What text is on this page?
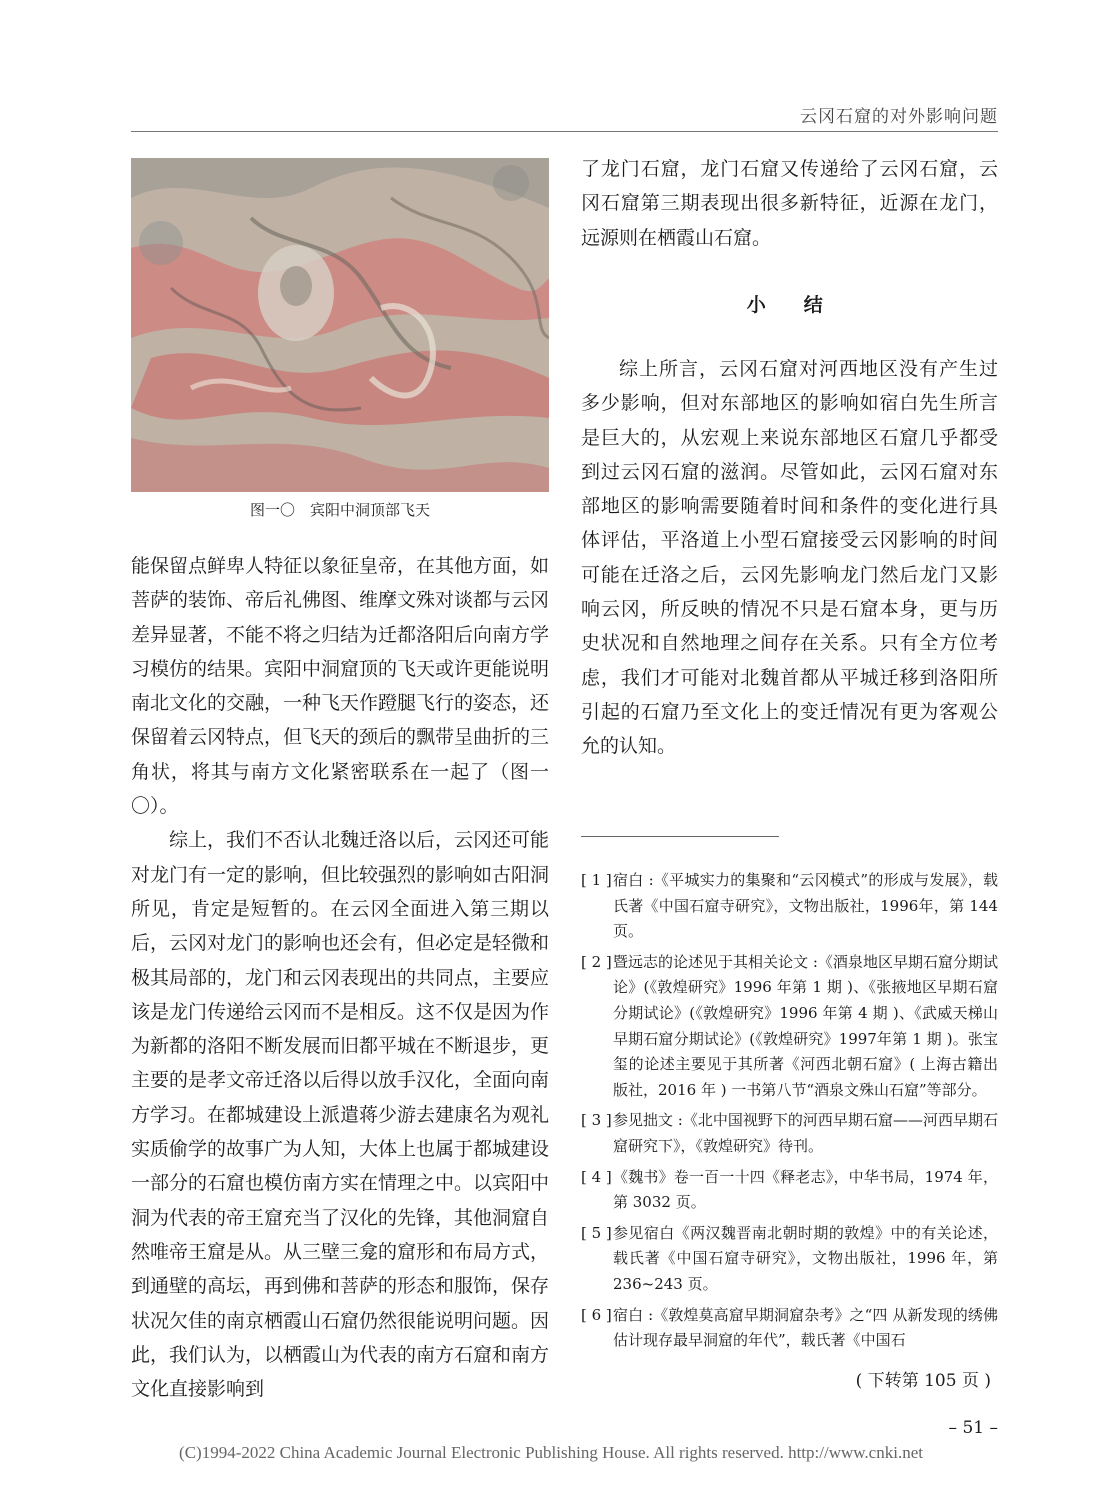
云冈石窟的对外影响问题
图一〇　宾阳中洞顶部飞天

能保留点鲜卑人特征以象征皇帝，在其他方面，如菩萨的装饰、帝后礼佛图、维摩文殊对谈都与云冈差异显著，不能不将之归结为迁都洛阳后向南方学习模仿的结果。宾阳中洞窟顶的飞天或许更能说明南北文化的交融，一种飞天作蹬腿飞行的姿态，还保留着云冈特点，但飞天的颈后的飘带呈曲折的三角状，将其与南方文化紧密联系在一起了（图一〇）。

综上，我们不否认北魏迁洛以后，云冈还可能对龙门有一定的影响，但比较强烈的影响如古阳洞所见，肯定是短暂的。在云冈全面进入第三期以后，云冈对龙门的影响也还会有，但必定是轻微和极其局部的，龙门和云冈表现出的共同点，主要应该是龙门传递给云冈而不是相反。这不仅是因为作为新都的洛阳不断发展而旧都平城在不断退步，更主要的是孝文帝迁洛以后得以放手汉化，全面向南方学习。在都城建设上派遣蒋少游去建康名为观礼实质偷学的故事广为人知，大体上也属于都城建设一部分的石窟也模仿南方实在情理之中。以宾阳中洞为代表的帝王窟充当了汉化的先锋，其他洞窟自然唯帝王窟是从。从三壁三龛的窟形和布局方式，到通壁的高坛，再到佛和菩萨的形态和服饰，保存状况欠佳的南京栖霞山石窟仍然很能说明问题。因此，我们认为，以栖霞山为代表的南方石窟和南方文化直接影响到

了龙门石窟，龙门石窟又传递给了云冈石窟，云冈石窟第三期表现出很多新特征，近源在龙门，远源则在栖霞山石窟。

小　结

综上所言，云冈石窟对河西地区没有产生过多少影响，但对东部地区的影响如宿白先生所言是巨大的，从宏观上来说东部地区石窟几乎都受到过云冈石窟的滋润。尽管如此，云冈石窟对东部地区的影响需要随着时间和条件的变化进行具体评估，平洛道上小型石窟接受云冈影响的时间可能在迁洛之后，云冈先影响龙门然后龙门又影响云冈，所反映的情况不只是石窟本身，更与历史状况和自然地理之间存在关系。只有全方位考虑，我们才可能对北魏首都从平城迁移到洛阳所引起的石窟乃至文化上的变迁情况有更为客观公允的认知。

[ 1 ] 宿白 :《平城实力的集聚和“云冈模式”的形成与发展》，载氏著《中国石窟寺研究》，文物出版社，1996年，第 144 页。
[ 2 ] 暨远志的论述见于其相关论文 :《酒泉地区早期石窟分期试论》(《敦煌研究》1996 年第 1 期 )、《张掖地区早期石窟分期试论》(《敦煌研究》1996 年第 4 期 )、《武威天梯山早期石窟分期试论》(《敦煌研究》1997年第 1 期 )。张宝玺的论述主要见于其所著《河西北朝石窟》( 上海古籍出版社，2016 年 ) 一书第八节“酒泉文殊山石窟”等部分。
[ 3 ] 参见拙文 :《北中国视野下的河西早期石窟——河西早期石窟研究下》，《敦煌研究》待刊。
[ 4 ] 《魏书》卷一百一十四《释老志》，中华书局，1974 年，第 3032 页。
[ 5 ] 参见宿白《两汉魏晋南北朝时期的敦煌》中的有关论述，载氏著《中国石窟寺研究》，文物出版社，1996 年，第 236~243 页。
[ 6 ] 宿白 :《敦煌莫高窟早期洞窟杂考》之“四 从新发现的绣佛估计现存最早洞窟的年代”，载氏著《中国石
( 下转第 105 页 )
– 51 –
(C)1994-2022 China Academic Journal Electronic Publishing House. All rights reserved. http://www.cnki.net
